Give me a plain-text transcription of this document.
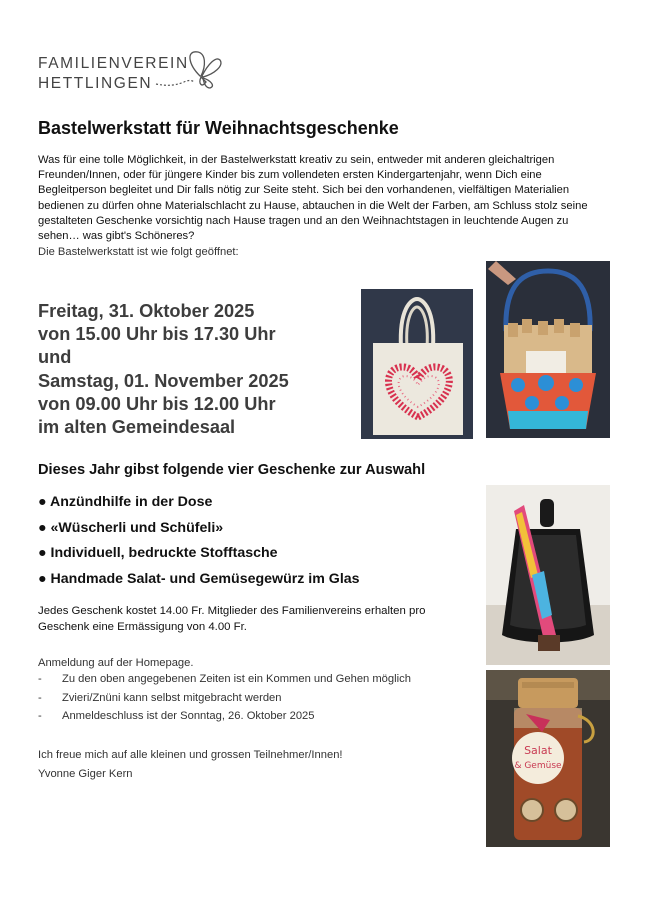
FAMILIENVEREIN
HETTLINGEN
Bastelwerkstatt für Weihnachtsgeschenke

Was für eine tolle Möglichkeit, in der Bastelwerkstatt kreativ zu sein, entweder mit anderen gleichaltrigen Freunden/Innen, oder für jüngere Kinder bis zum vollendeten ersten Kindergartenjahr, wenn Dich eine Begleitperson begleitet und Dir falls nötig zur Seite steht. Sich bei den vorhandenen, vielfältigen Materialien bedienen zu dürfen ohne Materialschlacht zu Hause, abtauchen in die Welt der Farben, am Schluss stolz seine gestalteten Geschenke vorsichtig nach Hause tragen und an den Weihnachtstagen in leuchtende Augen zu sehen… was gibt's Schöneres?

Die Bastelwerkstatt ist wie folgt geöffnet:

Freitag, 31. Oktober 2025
von 15.00 Uhr bis 17.30 Uhr
und
Samstag, 01. November 2025
von 09.00 Uhr bis 12.00 Uhr
im alten Gemeindesaal
Dieses Jahr gibst folgende vier Geschenke zur Auswahl
● Anzündhilfe in der Dose
● «Wüscherli und Schüfeli»
● Individuell, bedruckte Stofftasche
● Handmade Salat- und Gemüsegewürz im Glas

Jedes Geschenk kostet 14.00 Fr. Mitglieder des Familienvereins erhalten pro Geschenk eine Ermässigung von 4.00 Fr.

Anmeldung auf der Homepage.

- Zu den oben angegebenen Zeiten ist ein Kommen und Gehen möglich
- Zvieri/Znüni kann selbst mitgebracht werden
- Anmeldeschluss ist der Sonntag, 26. Oktober 2025

Ich freue mich auf alle kleinen und grossen Teilnehmer/Innen!
Yvonne Giger Kern

Salat
& Gemüse
